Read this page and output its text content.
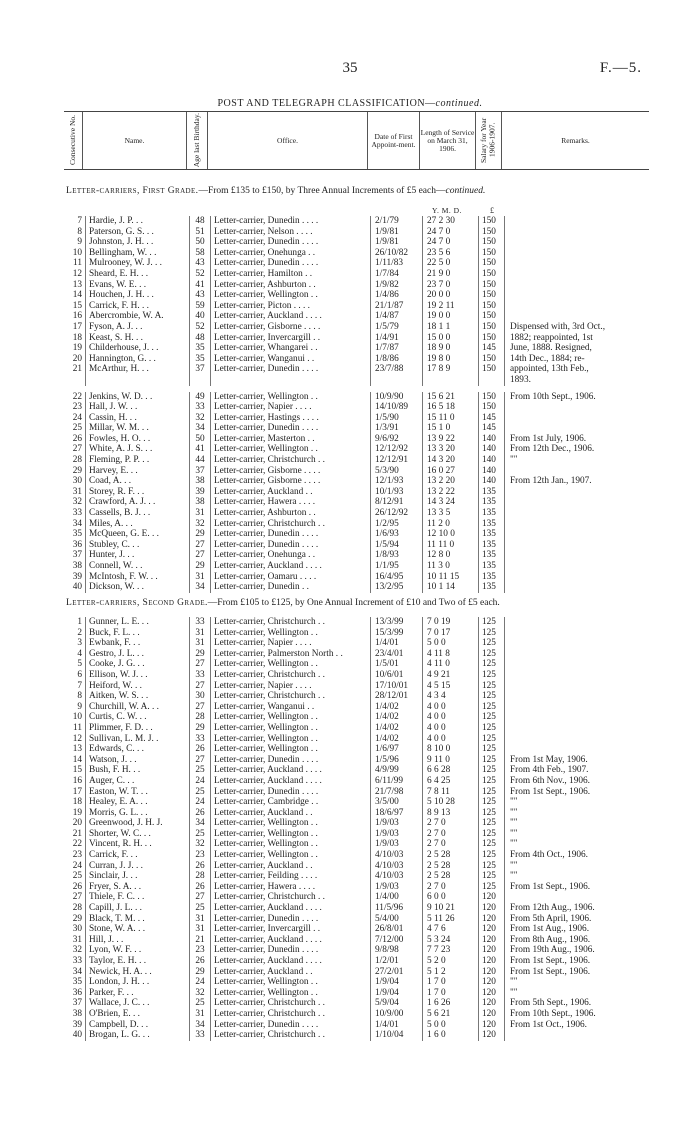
35	F.—5.
POST AND TELEGRAPH CLASSIFICATION—continued.
Consecutive No.	Name.	Age last Birthday.	Office.	Date of First Appoint-ment.	Length of Service on March 31, 1906.	Salary for Year 1906-1907.	Remarks.
Letter-carriers, First Grade.—From £135 to £150, by Three Annual Increments of £5 each—continued.
Y. M. D.	£
7	Hardie, J. P. . .	48	Letter-carrier, Dunedin . . . .	2/1/79	27 2 30	150	
8	Paterson, G. S. . .	51	Letter-carrier, Nelson . . . .	1/9/81	24 7 0	150	
9	Johnston, J. H. . .	50	Letter-carrier, Dunedin . . . .	1/9/81	24 7 0	150	
10	Bellingham, W. . .	58	Letter-carrier, Onehunga . .	26/10/82	23 5 6	150	
11	Mulrooney, W. J. . .	43	Letter-carrier, Dunedin . . . .	1/11/83	22 5 0	150	
12	Sheard, E. H. . .	52	Letter-carrier, Hamilton . .	1/7/84	21 9 0	150	
13	Evans, W. E. . .	41	Letter-carrier, Ashburton . .	1/9/82	23 7 0	150	
14	Houchen, J. H. . .	43	Letter-carrier, Wellington . .	1/4/86	20 0 0	150	
15	Carrick, F. H. . .	59	Letter-carrier, Picton . . . .	21/1/87	19 2 11	150	
16	Abercrombie, W. A.	40	Letter-carrier, Auckland . . . .	1/4/87	19 0 0	150	
17	Fyson, A. J. . .	52	Letter-carrier, Gisborne . . . .	1/5/79	18 1 1	150	Dispensed with, 3rd Oct.,
18	Keast, S. H. . .	48	Letter-carrier, Invercargill . .	1/4/91	15 0 0	150	1882; reappointed, 1st
19	Childerhouse, J. . .	35	Letter-carrier, Whangarei . .	1/7/87	18 9 0	145	June, 1888. Resigned,
20	Hannington, G. . .	35	Letter-carrier, Wanganui . .	1/8/86	19 8 0	150	14th Dec., 1884; re-
21	McArthur, H. . .	37	Letter-carrier, Dunedin . . . .	23/7/88	17 8 9	150	appointed, 13th Feb.,
							1893.

22	Jenkins, W. D. . .	49	Letter-carrier, Wellington . .	10/9/90	15 6 21	150	From 10th Sept., 1906.
23	Hall, J. W. . .	33	Letter-carrier, Napier . . . .	14/10/89	16 5 18	150	
24	Cassin, H. . .	32	Letter-carrier, Hastings . . . .	1/5/90	15 11 0	145	
25	Millar, W. M. . .	34	Letter-carrier, Dunedin . . . .	1/3/91	15 1 0	145	
26	Fowles, H. O. . .	50	Letter-carrier, Masterton . .	9/6/92	13 9 22	140	From 1st July, 1906.
27	White, A. J. S. . .	41	Letter-carrier, Wellington . .	12/12/92	13 3 20	140	From 12th Dec., 1906.
28	Fleming, P. P. . .	44	Letter-carrier, Christchurch . .	12/12/91	14 3 20	140	""
29	Harvey, E. . .	37	Letter-carrier, Gisborne . . . .	5/3/90	16 0 27	140	
30	Coad, A. . .	38	Letter-carrier, Gisborne . . . .	12/1/93	13 2 20	140	From 12th Jan., 1907.
31	Storey, R. F. . .	39	Letter-carrier, Auckland . .	10/1/93	13 2 22	135	
32	Crawford, A. J. . .	38	Letter-carrier, Hawera . . . .	8/12/91	14 3 24	135	
33	Cassells, B. J. . .	31	Letter-carrier, Ashburton . .	26/12/92	13 3 5	135	
34	Miles, A. . .	32	Letter-carrier, Christchurch . .	1/2/95	11 2 0	135	
35	McQueen, G. E. . .	29	Letter-carrier, Dunedin . . . .	1/6/93	12 10 0	135	
36	Stubley, C. . .	27	Letter-carrier, Dunedin . . . .	1/5/94	11 11 0	135	
37	Hunter, J. . .	27	Letter-carrier, Onehunga . .	1/8/93	12 8 0	135	
38	Connell, W. . .	29	Letter-carrier, Auckland . . . .	1/1/95	11 3 0	135	
39	McIntosh, F. W. . .	31	Letter-carrier, Oamaru . . . .	16/4/95	10 11 15	135	
40	Dickson, W. . .	34	Letter-carrier, Dunedin . .	13/2/95	10 1 14	135	
Letter-carriers, Second Grade.—From £105 to £125, by One Annual Increment of £10 and Two of £5 each.
1	Gunner, L. E. . .	33	Letter-carrier, Christchurch . .	13/3/99	7 0 19	125	
2	Buck, F. L. . .	31	Letter-carrier, Wellington . .	15/3/99	7 0 17	125	
3	Ewbank, F. . .	31	Letter-carrier, Napier . . . .	1/4/01	5 0 0	125	
4	Gestro, J. L. . .	29	Letter-carrier, Palmerston North . .	23/4/01	4 11 8	125	
5	Cooke, J. G. . .	27	Letter-carrier, Wellington . .	1/5/01	4 11 0	125	
6	Ellison, W. J. . .	33	Letter-carrier, Christchurch . .	10/6/01	4 9 21	125	
7	Heiford, W. . .	27	Letter-carrier, Napier . . . .	17/10/01	4 5 15	125	
8	Aitken, W. S. . .	30	Letter-carrier, Christchurch . .	28/12/01	4 3 4	125	
9	Churchill, W. A. . .	27	Letter-carrier, Wanganui . .	1/4/02	4 0 0	125	
10	Curtis, C. W. . .	28	Letter-carrier, Wellington . .	1/4/02	4 0 0	125	
11	Plimmer, F. D. . .	29	Letter-carrier, Wellington . .	1/4/02	4 0 0	125	
12	Sullivan, L. M. J. .	33	Letter-carrier, Wellington . .	1/4/02	4 0 0	125	
13	Edwards, C. . .	26	Letter-carrier, Wellington . .	1/6/97	8 10 0	125	
14	Watson, J. . .	27	Letter-carrier, Dunedin . . . .	1/5/96	9 11 0	125	From 1st May, 1906.
15	Bush, F. H. . .	25	Letter-carrier, Auckland . . . .	4/9/99	6 6 28	125	From 4th Feb., 1907.
16	Auger, C. . .	24	Letter-carrier, Auckland . . . .	6/11/99	6 4 25	125	From 6th Nov., 1906.
17	Easton, W. T. . .	25	Letter-carrier, Dunedin . . . .	21/7/98	7 8 11	125	From 1st Sept., 1906.
18	Healey, E. A. . .	24	Letter-carrier, Cambridge . .	3/5/00	5 10 28	125	""
19	Morris, G. L. . .	26	Letter-carrier, Auckland . .	18/6/97	8 9 13	125	""
20	Greenwood, J. H. J.	34	Letter-carrier, Wellington . .	1/9/03	2 7 0	125	""
21	Shorter, W. C. . .	25	Letter-carrier, Wellington . .	1/9/03	2 7 0	125	""
22	Vincent, R. H. . .	32	Letter-carrier, Wellington . .	1/9/03	2 7 0	125	""
23	Carrick, F. . .	23	Letter-carrier, Wellington . .	4/10/03	2 5 28	125	From 4th Oct., 1906.
24	Curran, J. J. . .	26	Letter-carrier, Auckland . .	4/10/03	2 5 28	125	""
25	Sinclair, J. . .	28	Letter-carrier, Feilding . . . .	4/10/03	2 5 28	125	""
26	Fryer, S. A. . .	26	Letter-carrier, Hawera . . . .	1/9/03	2 7 0	125	From 1st Sept., 1906.
27	Thiele, F. C. . .	27	Letter-carrier, Christchurch . .	1/4/00	6 0 0	120	
28	Capill, J. L. . .	25	Letter-carrier, Auckland . . . .	11/5/96	9 10 21	120	From 12th Aug., 1906.
29	Black, T. M. . .	31	Letter-carrier, Dunedin . . . .	5/4/00	5 11 26	120	From 5th April, 1906.
30	Stone, W. A. . .	31	Letter-carrier, Invercargill . .	26/8/01	4 7 6	120	From 1st Aug., 1906.
31	Hill, J. . .	21	Letter-carrier, Auckland . . . .	7/12/00	5 3 24	120	From 8th Aug., 1906.
32	Lyon, W. F. . .	23	Letter-carrier, Dunedin . . . .	9/8/98	7 7 23	120	From 19th Aug., 1906.
33	Taylor, E. H. . .	26	Letter-carrier, Auckland . . . .	1/2/01	5 2 0	120	From 1st Sept., 1906.
34	Newick, H. A. . .	29	Letter-carrier, Auckland . .	27/2/01	5 1 2	120	From 1st Sept., 1906.
35	London, J. H. . .	24	Letter-carrier, Wellington . .	1/9/04	1 7 0	120	""
36	Parker, F. . .	32	Letter-carrier, Wellington . .	1/9/04	1 7 0	120	""
37	Wallace, J. C. . .	25	Letter-carrier, Christchurch . .	5/9/04	1 6 26	120	From 5th Sept., 1906.
38	O'Brien, E. . .	31	Letter-carrier, Christchurch . .	10/9/00	5 6 21	120	From 10th Sept., 1906.
39	Campbell, D. . .	34	Letter-carrier, Dunedin . . . .	1/4/01	5 0 0	120	From 1st Oct., 1906.
40	Brogan, L. G. . .	33	Letter-carrier, Christchurch . .	1/10/04	1 6 0	120	
